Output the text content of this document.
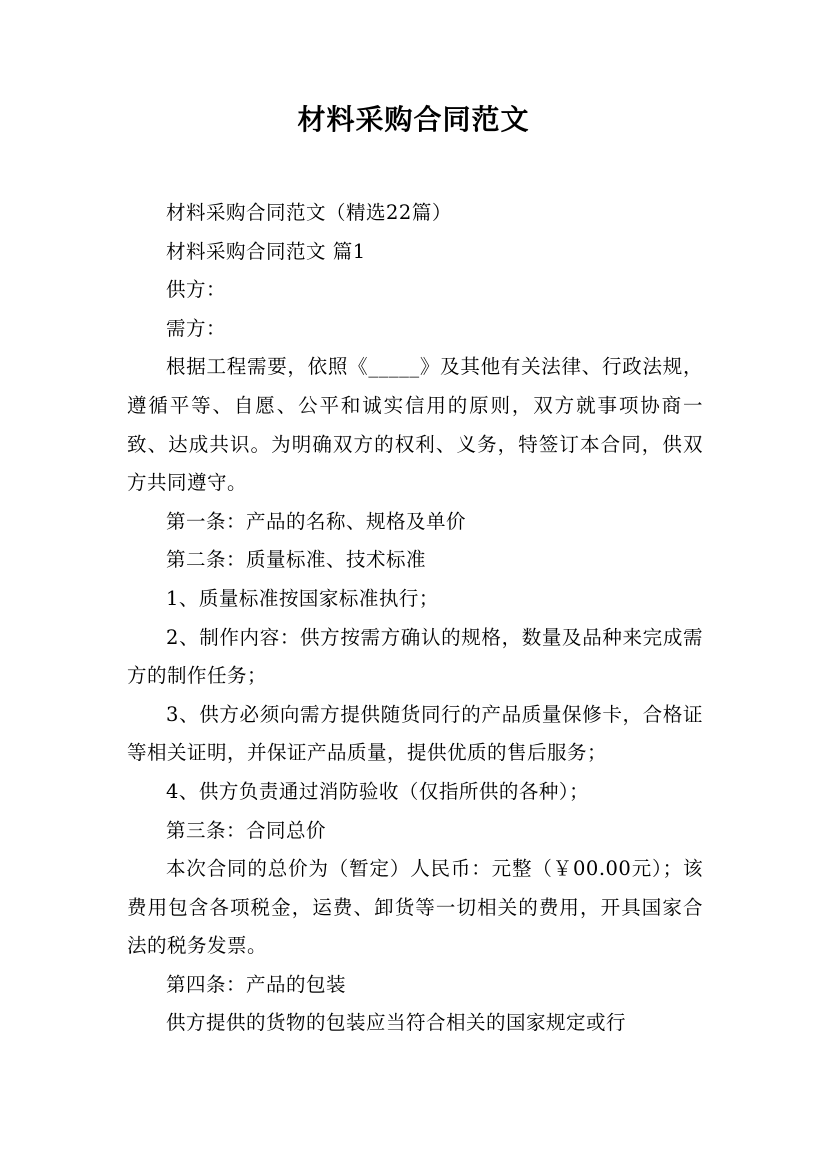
材料采购合同范文

材料采购合同范文（精选22篇）

材料采购合同范文 篇1

供方：

需方：

根据工程需要，依照《_____》及其他有关法律、行政法规，遵循平等、自愿、公平和诚实信用的原则，双方就事项协商一致、达成共识。为明确双方的权利、义务，特签订本合同，供双方共同遵守。

第一条：产品的名称、规格及单价

第二条：质量标准、技术标准

1、质量标准按国家标准执行；

2、制作内容：供方按需方确认的规格，数量及品种来完成需方的制作任务；

3、供方必须向需方提供随货同行的产品质量保修卡，合格证等相关证明，并保证产品质量，提供优质的售后服务；

4、供方负责通过消防验收（仅指所供的各种）；

第三条：合同总价

本次合同的总价为（暂定）人民币：元整（￥00.00元）；该费用包含各项税金，运费、卸货等一切相关的费用，开具国家合法的税务发票。

第四条：产品的包装

供方提供的货物的包装应当符合相关的国家规定或行
